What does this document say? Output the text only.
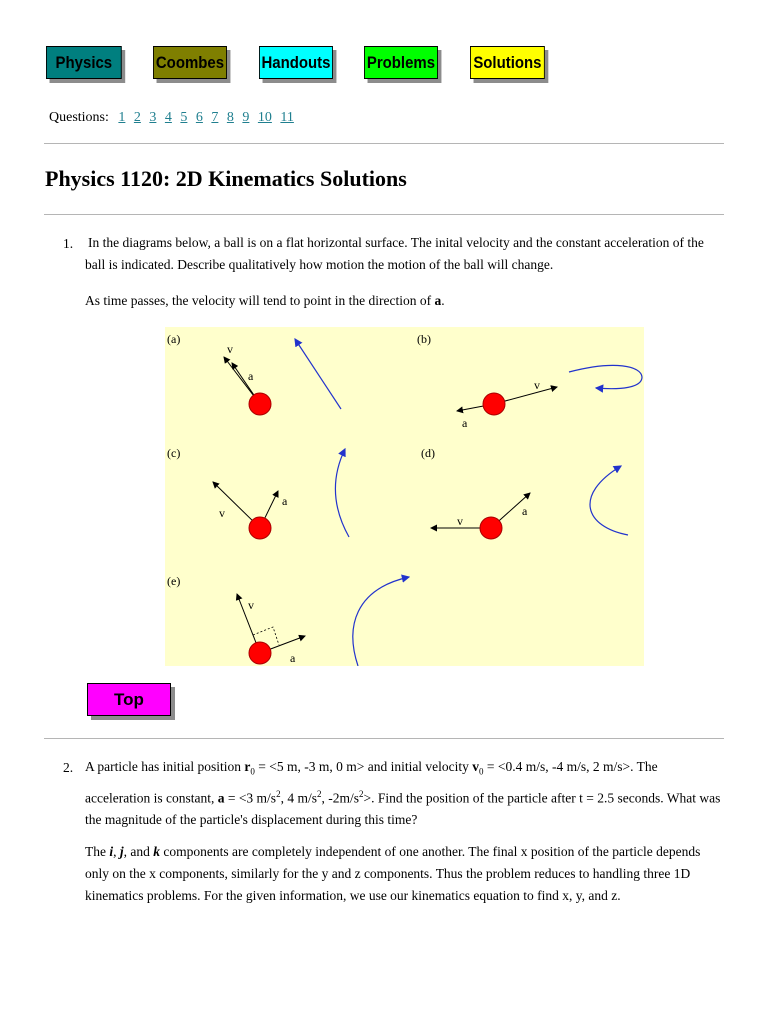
Physics	Coombes Handouts Problems Solutions
Questions: 1 2 3 4 5 6 7 8 9 10 11
Physics 1120: 2D Kinematics Solutions
1. In the diagrams below, a ball is on a flat horizontal surface. The inital velocity and the constant acceleration of the ball is indicated. Describe qualitatively how motion the motion of the ball will change.

As time passes, the velocity will tend to point in the direction of a.

(a)
v
a
(b)
v
a
(c)
v
a
(d)
v
a
(e)
v
a
Top
2. A particle has initial position $r_0 = <5$ m, -3 m, 0 m> and initial velocity $v_0 = <0.4$ m/s, -4 m/s, 2 m/s>. The acceleration is constant, a = <3 $m/s^2$, 4 $m/s^2$, $-2m/s^2>$. Find the position of the particle after t = 2.5 seconds. What was the magnitude of the particle's displacement during this time?

The i, j, and k components are completely independent of one another. The final x position of the particle depends only on the x components, similarly for the y and z components. Thus the problem reduces to handling three 1D kinematics problems. For the given information, we use our kinematics equation to find x, y, and z.
